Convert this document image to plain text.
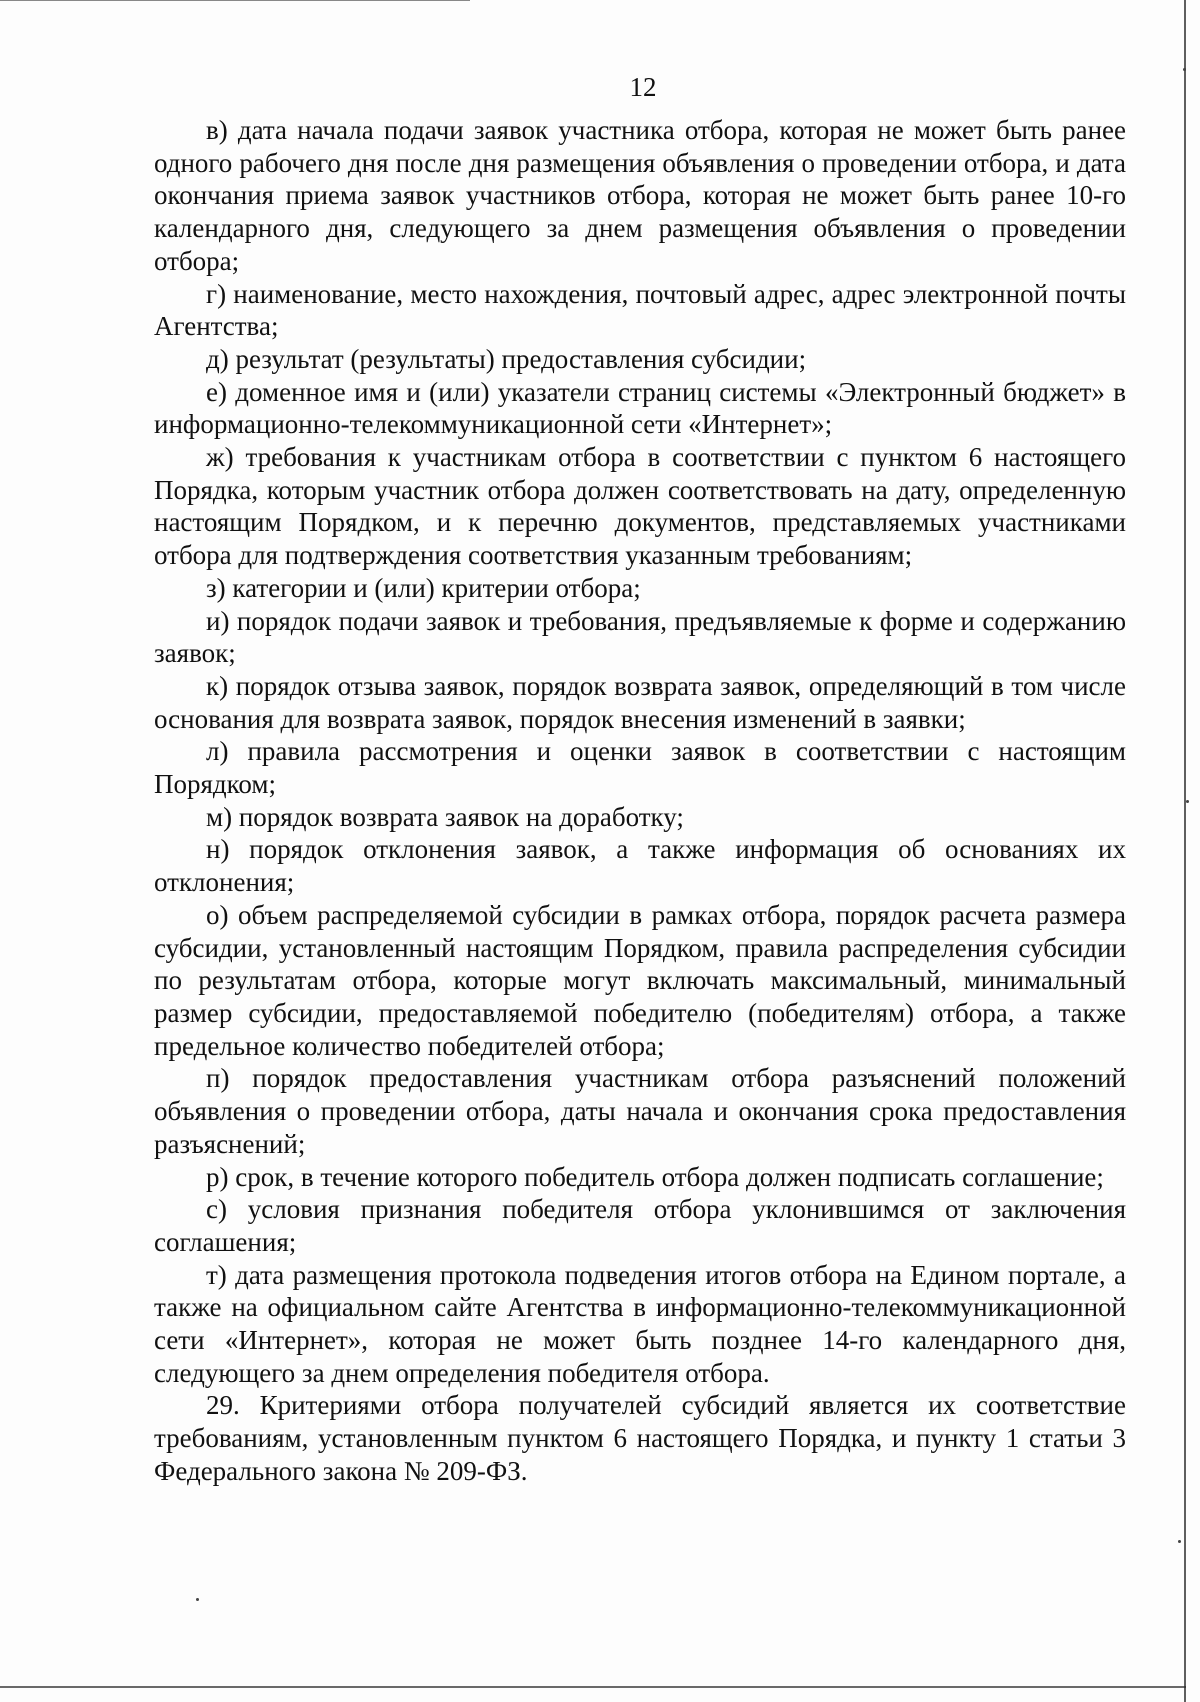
12

в) дата начала подачи заявок участника отбора, которая не может быть ранее одного рабочего дня после дня размещения объявления о проведении отбора, и дата окончания приема заявок участников отбора, которая не может быть ранее 10-го календарного дня, следующего за днем размещения объявления о проведении отбора;

г) наименование, место нахождения, почтовый адрес, адрес электронной почты Агентства;

д) результат (результаты) предоставления субсидии;

е) доменное имя и (или) указатели страниц системы «Электронный бюджет» в информационно-телекоммуникационной сети «Интернет»;

ж) требования к участникам отбора в соответствии с пунктом 6 настоящего Порядка, которым участник отбора должен соответствовать на дату, определенную настоящим Порядком, и к перечню документов, представляемых участниками отбора для подтверждения соответствия указанным требованиям;

з) категории и (или) критерии отбора;

и) порядок подачи заявок и требования, предъявляемые к форме и содержанию заявок;

к) порядок отзыва заявок, порядок возврата заявок, определяющий в том числе основания для возврата заявок, порядок внесения изменений в заявки;

л) правила рассмотрения и оценки заявок в соответствии с настоящим Порядком;

м) порядок возврата заявок на доработку;

н) порядок отклонения заявок, а также информация об основаниях их отклонения;

о) объем распределяемой субсидии в рамках отбора, порядок расчета размера субсидии, установленный настоящим Порядком, правила распределения субсидии по результатам отбора, которые могут включать максимальный, минимальный размер субсидии, предоставляемой победителю (победителям) отбора, а также предельное количество победителей отбора;

п) порядок предоставления участникам отбора разъяснений положений объявления о проведении отбора, даты начала и окончания срока предоставления разъяснений;

р) срок, в течение которого победитель отбора должен подписать соглашение;

с) условия признания победителя отбора уклонившимся от заключения соглашения;

т) дата размещения протокола подведения итогов отбора на Едином портале, а также на официальном сайте Агентства в информационно-телекоммуникационной сети «Интернет», которая не может быть позднее 14-го календарного дня, следующего за днем определения победителя отбора.

29. Критериями отбора получателей субсидий является их соответствие требованиям, установленным пунктом 6 настоящего Порядка, и пункту 1 статьи 3 Федерального закона № 209-ФЗ.
